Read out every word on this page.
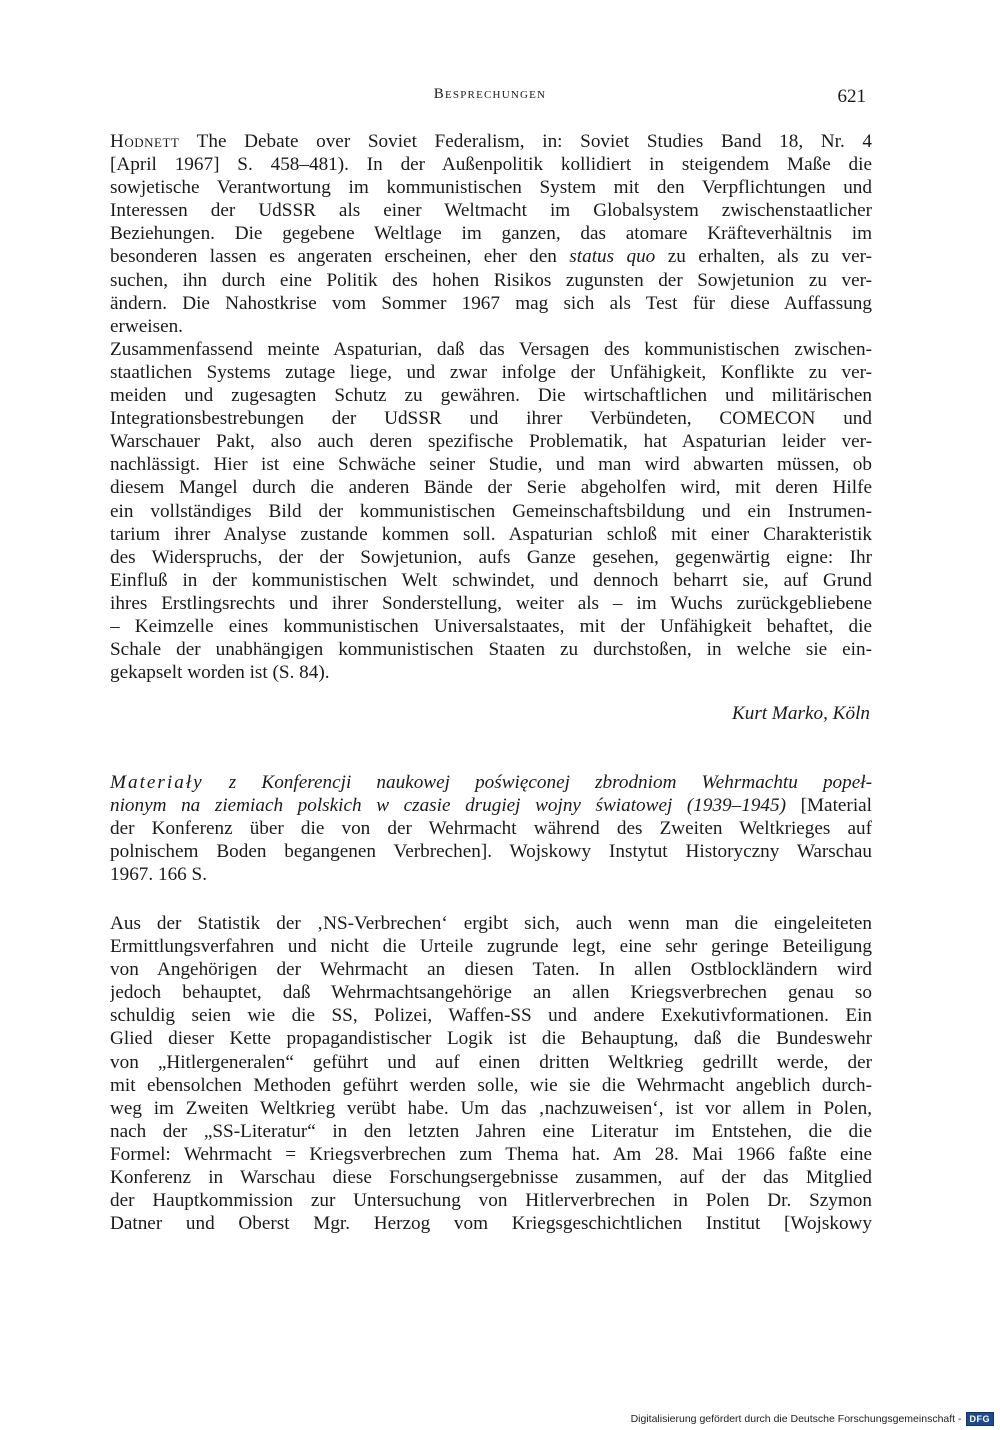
Besprechungen	621
Hodnett The Debate over Soviet Federalism, in: Soviet Studies Band 18, Nr. 4
[April 1967] S. 458–481). In der Außenpolitik kollidiert in steigendem Maße die
sowjetische Verantwortung im kommunistischen System mit den Verpflichtungen und
Interessen der UdSSR als einer Weltmacht im Globalsystem zwischenstaatlicher
Beziehungen. Die gegebene Weltlage im ganzen, das atomare Kräfteverhältnis im
besonderen lassen es angeraten erscheinen, eher den status quo zu erhalten, als zu ver-
suchen, ihn durch eine Politik des hohen Risikos zugunsten der Sowjetunion zu ver-
ändern. Die Nahostkrise vom Sommer 1967 mag sich als Test für diese Auffassung
erweisen.
Zusammenfassend meinte Aspaturian, daß das Versagen des kommunistischen zwischen-
staatlichen Systems zutage liege, und zwar infolge der Unfähigkeit, Konflikte zu ver-
meiden und zugesagten Schutz zu gewähren. Die wirtschaftlichen und militärischen
Integrationsbestrebungen der UdSSR und ihrer Verbündeten, COMECON und
Warschauer Pakt, also auch deren spezifische Problematik, hat Aspaturian leider ver-
nachlässigt. Hier ist eine Schwäche seiner Studie, und man wird abwarten müssen, ob
diesem Mangel durch die anderen Bände der Serie abgeholfen wird, mit deren Hilfe
ein vollständiges Bild der kommunistischen Gemeinschaftsbildung und ein Instrumen-
tarium ihrer Analyse zustande kommen soll. Aspaturian schloß mit einer Charakteristik
des Widerspruchs, der der Sowjetunion, aufs Ganze gesehen, gegenwärtig eigne: Ihr
Einfluß in der kommunistischen Welt schwindet, und dennoch beharrt sie, auf Grund
ihres Erstlingsrechts und ihrer Sonderstellung, weiter als – im Wuchs zurückgebliebene
– Keimzelle eines kommunistischen Universalstaates, mit der Unfähigkeit behaftet, die
Schale der unabhängigen kommunistischen Staaten zu durchstoßen, in welche sie ein-
gekapselt worden ist (S. 84).
Kurt Marko, Köln
Materiały z Konferencji naukowej poświęconej zbrodniom Wehrmachtu popeł-
nionym na ziemiach polskich w czasie drugiej wojny światowej (1939–1945) [Material
der Konferenz über die von der Wehrmacht während des Zweiten Weltkrieges auf
polnischem Boden begangenen Verbrechen]. Wojskowy Instytut Historyczny Warschau
1967. 166 S.
Aus der Statistik der ‚NS-Verbrechen‘ ergibt sich, auch wenn man die eingeleiteten
Ermittlungsverfahren und nicht die Urteile zugrunde legt, eine sehr geringe Beteiligung
von Angehörigen der Wehrmacht an diesen Taten. In allen Ostblockländern wird
jedoch behauptet, daß Wehrmachtsangehörige an allen Kriegsverbrechen genau so
schuldig seien wie die SS, Polizei, Waffen-SS und andere Exekutivformationen. Ein
Glied dieser Kette propagandistischer Logik ist die Behauptung, daß die Bundeswehr
von „Hitlergeneralen“ geführt und auf einen dritten Weltkrieg gedrillt werde, der
mit ebensolchen Methoden geführt werden solle, wie sie die Wehrmacht angeblich durch-
weg im Zweiten Weltkrieg verübt habe. Um das ‚nachzuweisen‘, ist vor allem in Polen,
nach der „SS-Literatur“ in den letzten Jahren eine Literatur im Entstehen, die die
Formel: Wehrmacht = Kriegsverbrechen zum Thema hat. Am 28. Mai 1966 faßte eine
Konferenz in Warschau diese Forschungsergebnisse zusammen, auf der das Mitglied
der Hauptkommission zur Untersuchung von Hitlerverbrechen in Polen Dr. Szymon
Datner und Oberst Mgr. Herzog vom Kriegsgeschichtlichen Institut [Wojskowy
Digitalisierung gefördert durch die Deutsche Forschungsgemeinschaft - DFG
